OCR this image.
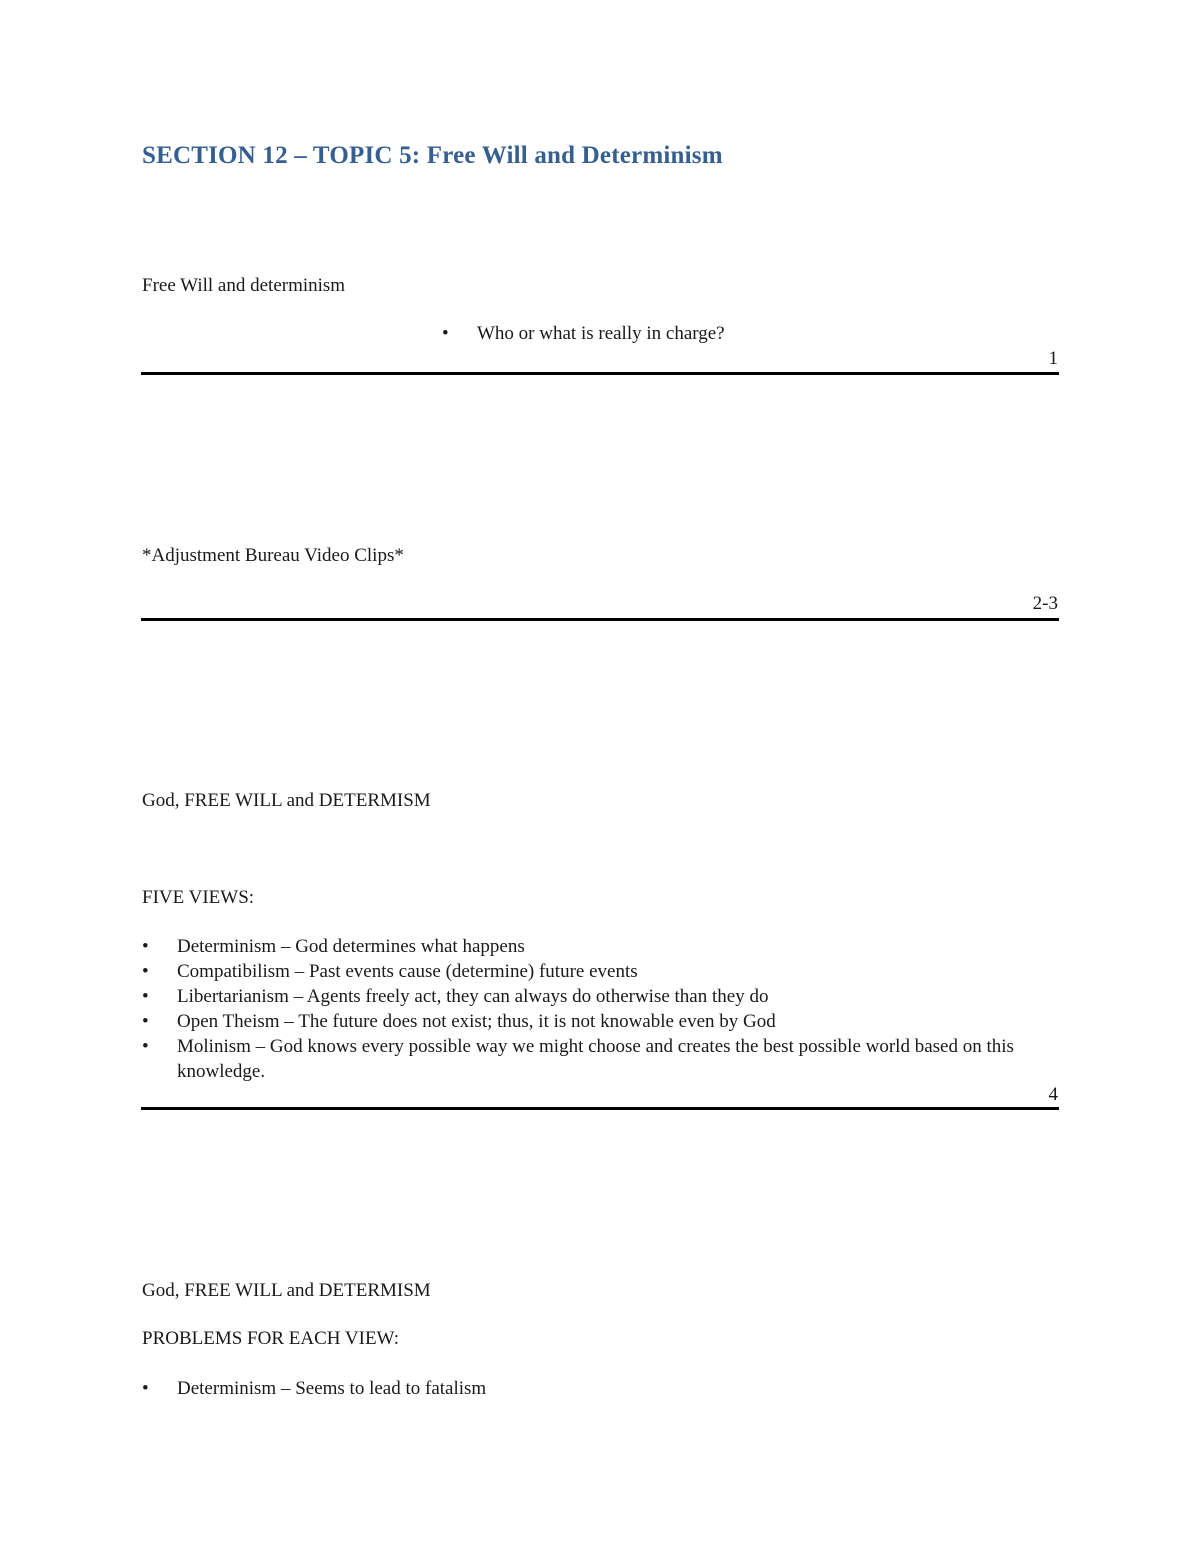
SECTION 12 – TOPIC 5: Free Will and Determinism
Free Will and determinism
• Who or what is really in charge?
1
*Adjustment Bureau Video Clips*
2-3
God, FREE WILL and DETERMISM
FIVE VIEWS:
• Determinism – God determines what happens
• Compatibilism – Past events cause (determine) future events
• Libertarianism – Agents freely act, they can always do otherwise than they do
• Open Theism – The future does not exist; thus, it is not knowable even by God
• Molinism – God knows every possible way we might choose and creates the best possible world based on this knowledge.
4
God, FREE WILL and DETERMISM
PROBLEMS FOR EACH VIEW:
• Determinism – Seems to lead to fatalism
